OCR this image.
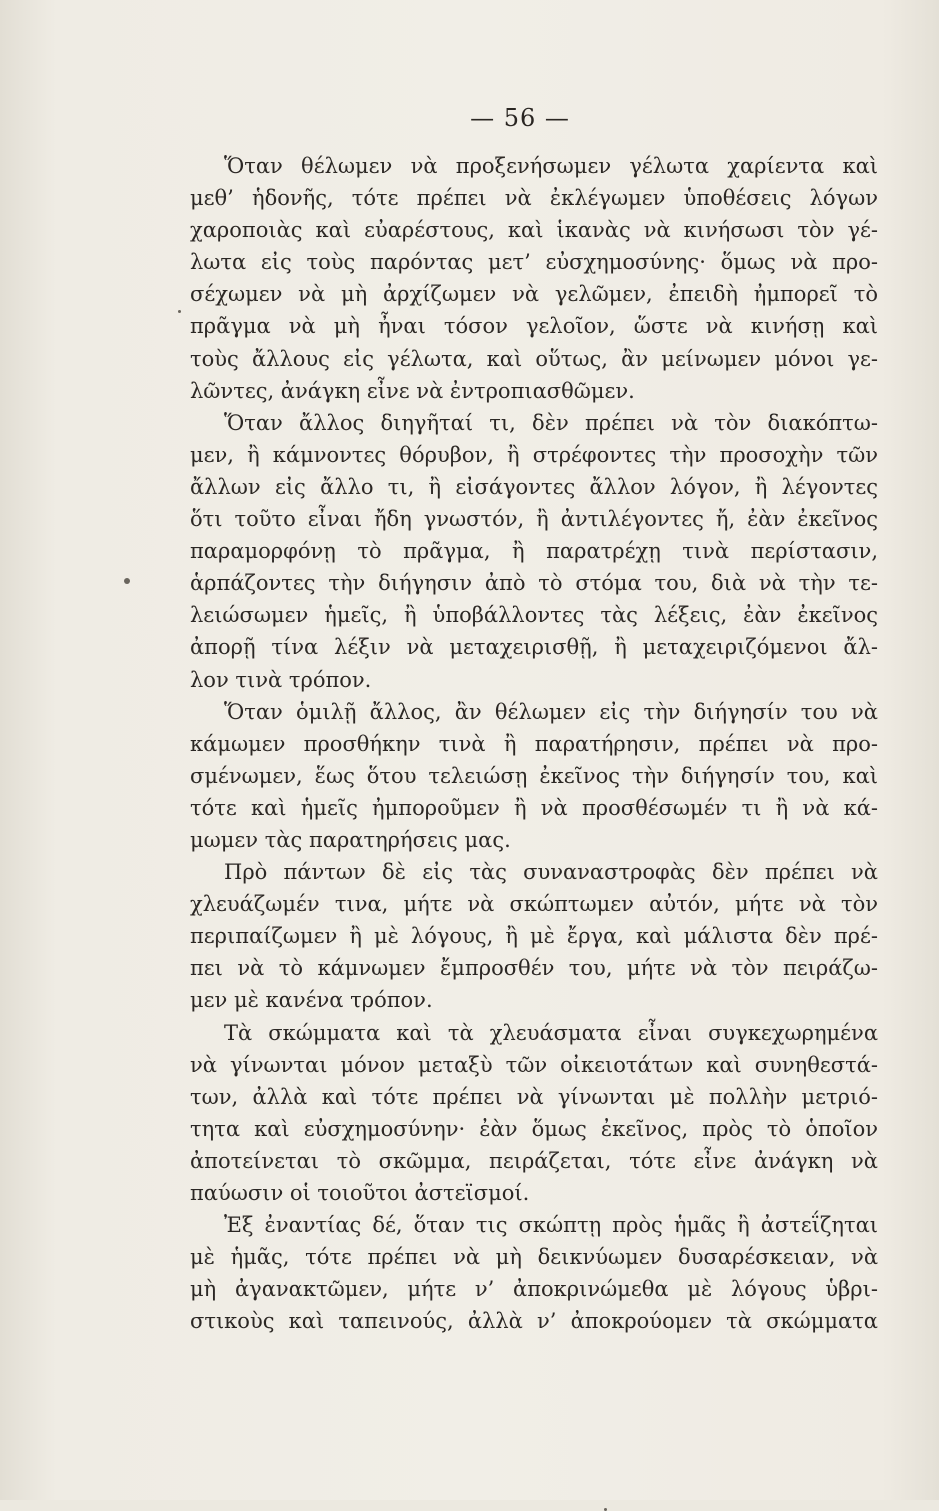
— 56 —
Ὅταν θέλωμεν νὰ προξενήσωμεν γέλωτα χαρίεντα καὶ
μεθ’ ἡδονῆς, τότε πρέπει νὰ ἐκλέγωμεν ὑποθέσεις λόγων
χαροποιὰς καὶ εὐαρέστους, καὶ ἱκανὰς νὰ κινήσωσι τὸν γέ-
λωτα εἰς τοὺς παρόντας μετ’ εὐσχημοσύνης· ὅμως νὰ προ-
σέχωμεν νὰ μὴ ἀρχίζωμεν νὰ γελῶμεν, ἐπειδὴ ἠμπορεῖ τὸ
πρᾶγμα νὰ μὴ ἦναι τόσον γελοῖον, ὥστε νὰ κινήσῃ καὶ
τοὺς ἄλλους εἰς γέλωτα, καὶ οὕτως, ἂν μείνωμεν μόνοι γε-
λῶντες, ἀνάγκη εἶνε νὰ ἐντροπιασθῶμεν.
Ὅταν ἄλλος διηγῆταί τι, δὲν πρέπει νὰ τὸν διακόπτω-
μεν, ἢ κάμνοντες θόρυβον, ἢ στρέφοντες τὴν προσοχὴν τῶν
ἄλλων εἰς ἄλλο τι, ἢ εἰσάγοντες ἄλλον λόγον, ἢ λέγοντες
ὅτι τοῦτο εἶναι ἤδη γνωστόν, ἢ ἀντιλέγοντες ἤ, ἐὰν ἐκεῖνος
παραμορφόνῃ τὸ πρᾶγμα, ἢ παρατρέχῃ τινὰ περίστασιν,
ἁρπάζοντες τὴν διήγησιν ἀπὸ τὸ στόμα του, διὰ νὰ τὴν τε-
λειώσωμεν ἡμεῖς, ἢ ὑποβάλλοντες τὰς λέξεις, ἐὰν ἐκεῖνος
ἀπορῇ τίνα λέξιν νὰ μεταχειρισθῇ, ἢ μεταχειριζόμενοι ἄλ-
λον τινὰ τρόπον.
Ὅταν ὁμιλῇ ἄλλος, ἂν θέλωμεν εἰς τὴν διήγησίν του νὰ
κάμωμεν προσθήκην τινὰ ἢ παρατήρησιν, πρέπει νὰ προ-
σμένωμεν, ἕως ὅτου τελειώσῃ ἐκεῖνος τὴν διήγησίν του, καὶ
τότε καὶ ἡμεῖς ἠμποροῦμεν ἢ νὰ προσθέσωμέν τι ἢ νὰ κά-
μωμεν τὰς παρατηρήσεις μας.
Πρὸ πάντων δὲ εἰς τὰς συναναστροφὰς δὲν πρέπει νὰ
χλευάζωμέν τινα, μήτε νὰ σκώπτωμεν αὐτόν, μήτε νὰ τὸν
περιπαίζωμεν ἢ μὲ λόγους, ἢ μὲ ἔργα, καὶ μάλιστα δὲν πρέ-
πει νὰ τὸ κάμνωμεν ἔμπροσθέν του, μήτε νὰ τὸν πειράζω-
μεν μὲ κανένα τρόπον.
Τὰ σκώμματα καὶ τὰ χλευάσματα εἶναι συγκεχωρημένα
νὰ γίνωνται μόνον μεταξὺ τῶν οἰκειοτάτων καὶ συνηθεστά-
των, ἀλλὰ καὶ τότε πρέπει νὰ γίνωνται μὲ πολλὴν μετριό-
τητα καὶ εὐσχημοσύνην· ἐὰν ὅμως ἐκεῖνος, πρὸς τὸ ὁποῖον
ἀποτείνεται τὸ σκῶμμα, πειράζεται, τότε εἶνε ἀνάγκη νὰ
παύωσιν οἱ τοιοῦτοι ἀστεϊσμοί.
Ἐξ ἐναντίας δέ, ὅταν τις σκώπτῃ πρὸς ἡμᾶς ἢ ἀστεΐζηται
μὲ ἡμᾶς, τότε πρέπει νὰ μὴ δεικνύωμεν δυσαρέσκειαν, νὰ
μὴ ἀγανακτῶμεν, μήτε ν’ ἀποκρινώμεθα μὲ λόγους ὑβρι-
στικοὺς καὶ ταπεινούς, ἀλλὰ ν’ ἀποκρούομεν τὰ σκώμματα
